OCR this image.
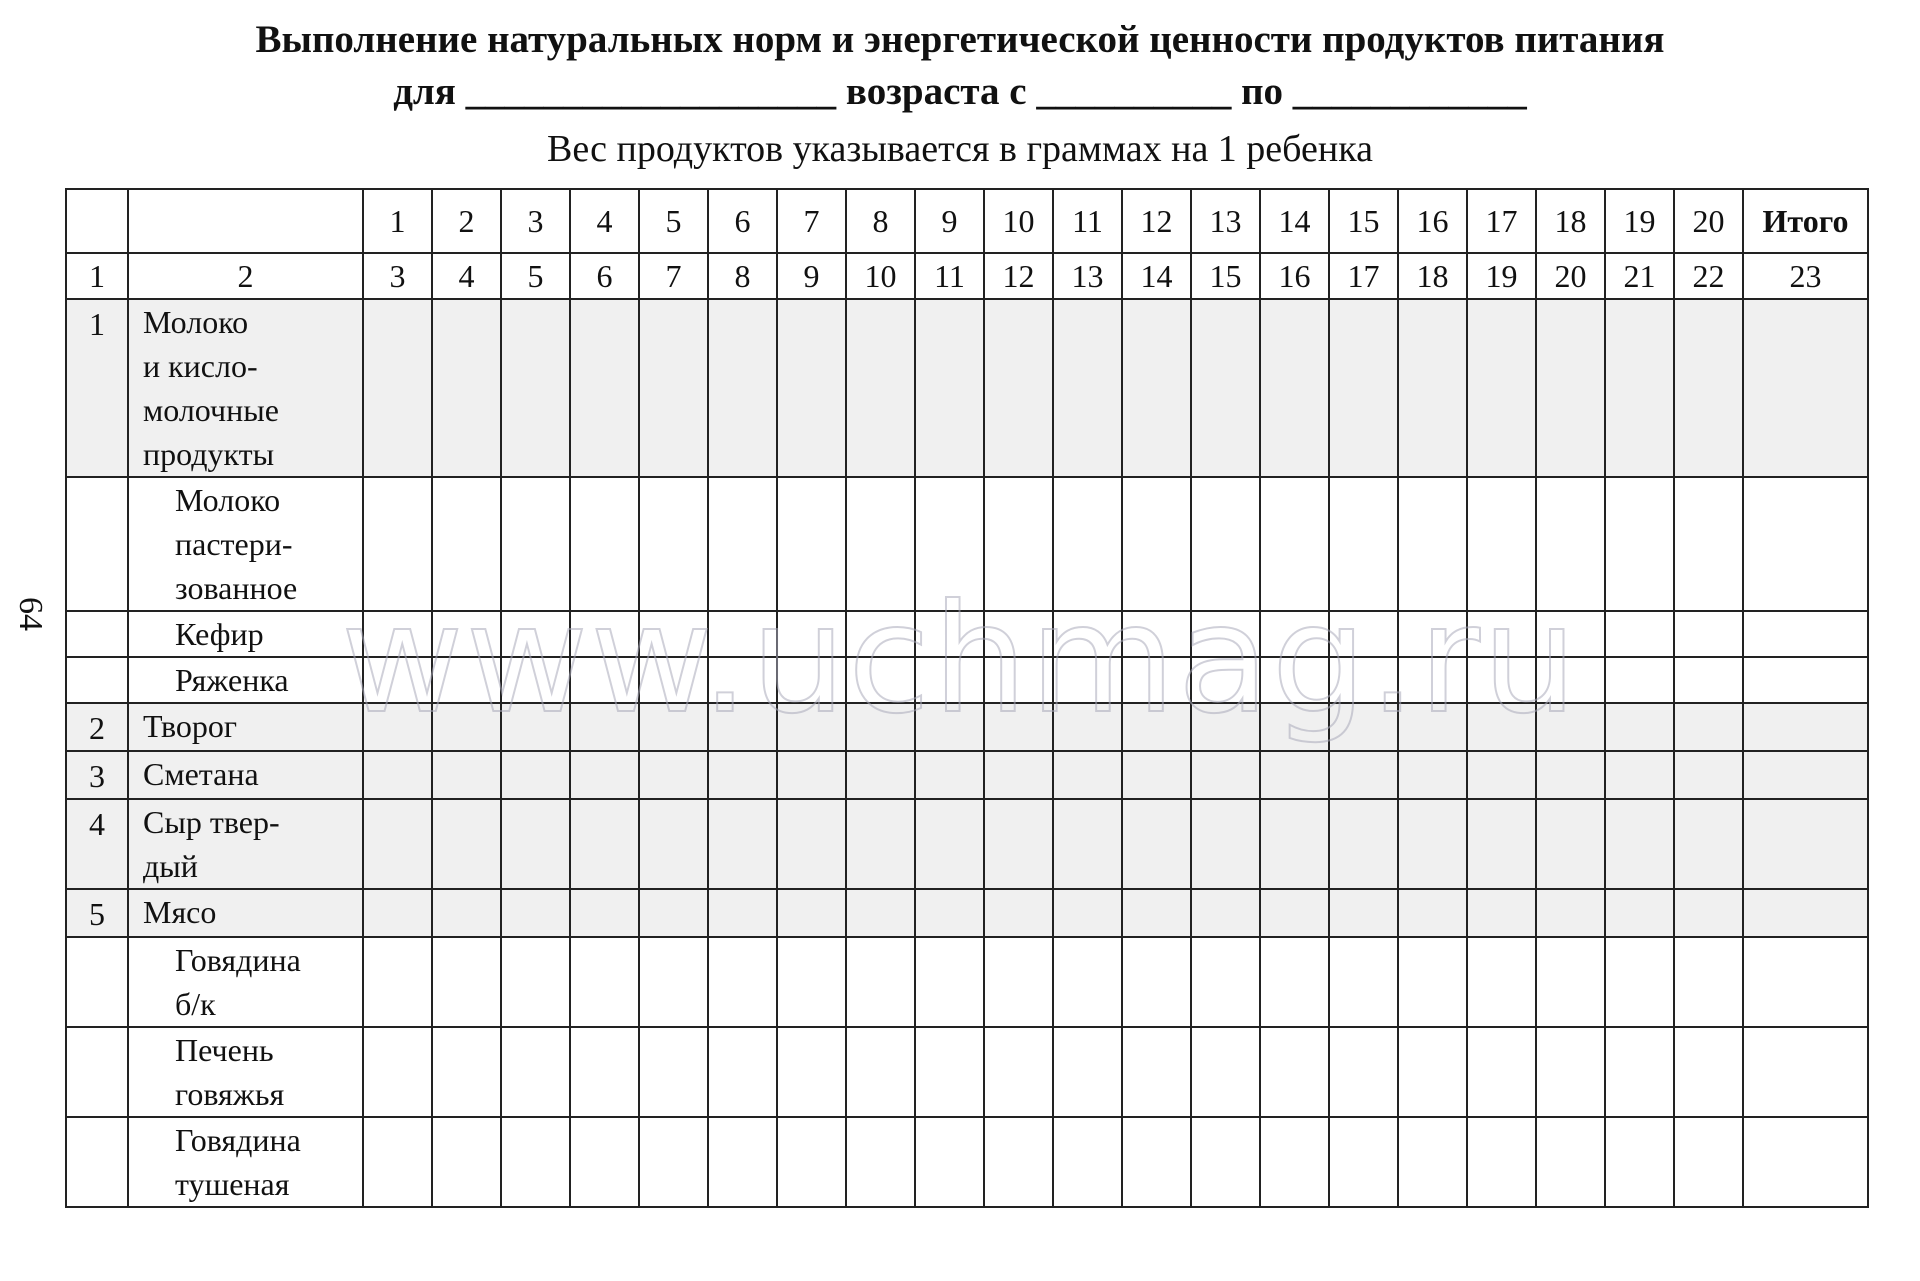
Выполнение натуральных норм и энергетической ценности продуктов питания
для ___________________ возраста с __________ по ____________
Вес продуктов указывается в граммах на 1 ребенка
64
		1	2	3	4	5	6	7	8	9	10	11	12	13	14	15	16	17	18	19	20	Итого
1	2	3	4	5	6	7	8	9	10	11	12	13	14	15	16	17	18	19	20	21	22	23
1	Молоко
и кисло-
молочные
продукты																					

	Молоко
пастери-
зованное																					

	Кефир																					

	Ряженка																					

2	Творог																					

3	Сметана																					

4	Сыр твер-
дый																					

5	Мясо																					

	Говядина
б/к																					

	Печень
говяжья																					

	Говядина
тушеная																					

www.uchmag.ru
